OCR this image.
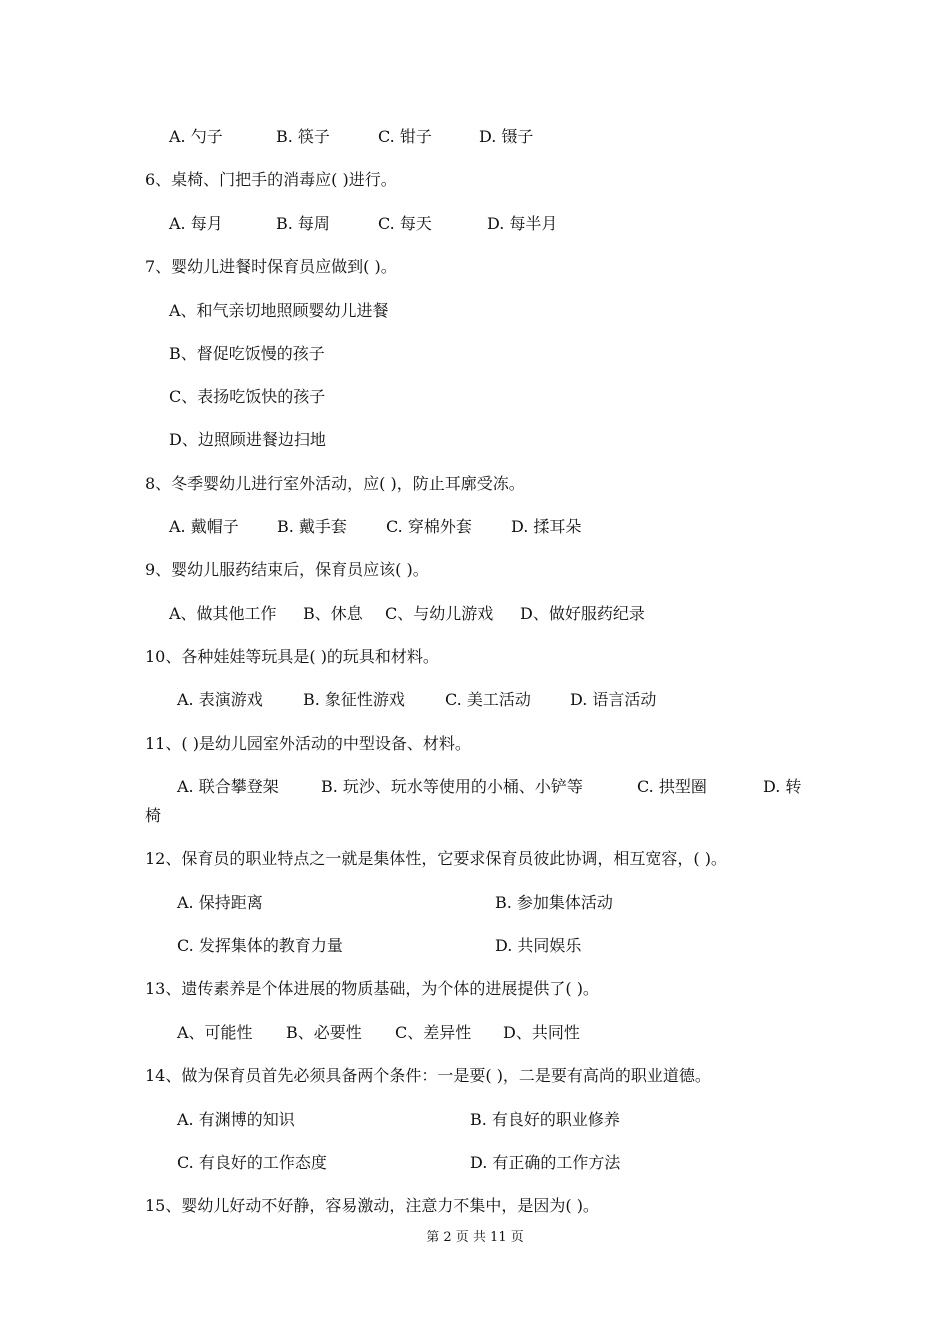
A. 勺子	B. 筷子	C. 钳子	D. 镊子
6、桌椅、门把手的消毒应( )进行。
A. 每月	B. 每周	C. 每天	D. 每半月
7、婴幼儿进餐时保育员应做到( )。
A、和气亲切地照顾婴幼儿进餐
B、督促吃饭慢的孩子
C、表扬吃饭快的孩子
D、边照顾进餐边扫地
8、冬季婴幼儿进行室外活动，应( )，防止耳廓受冻。
A. 戴帽子 B. 戴手套 C. 穿棉外套 D. 揉耳朵
9、婴幼儿服药结束后，保育员应该( )。
A、做其他工作 B、休息 C、与幼儿游戏 D、做好服药纪录
10、各种娃娃等玩具是( )的玩具和材料。
A. 表演游戏	B. 象征性游戏	C. 美工活动 D. 语言活动
11、( )是幼儿园室外活动的中型设备、材料。
A. 联合攀登架	B. 玩沙、玩水等使用的小桶、小铲等	C. 拱型圈	D. 转
椅
12、保育员的职业特点之一就是集体性，它要求保育员彼此协调，相互宽容，( )。
A. 保持距离	B. 参加集体活动
C. 发挥集体的教育力量	D. 共同娱乐
13、遗传素养是个体进展的物质基础，为个体的进展提供了( )。
A、可能性 B、必要性 C、差异性 D、共同性
14、做为保育员首先必须具备两个条件：一是要( )，二是要有高尚的职业道德。
A. 有渊博的知识	B. 有良好的职业修养
C. 有良好的工作态度	D. 有正确的工作方法
15、婴幼儿好动不好静，容易激动，注意力不集中，是因为( )。
第 2 页 共 11 页
